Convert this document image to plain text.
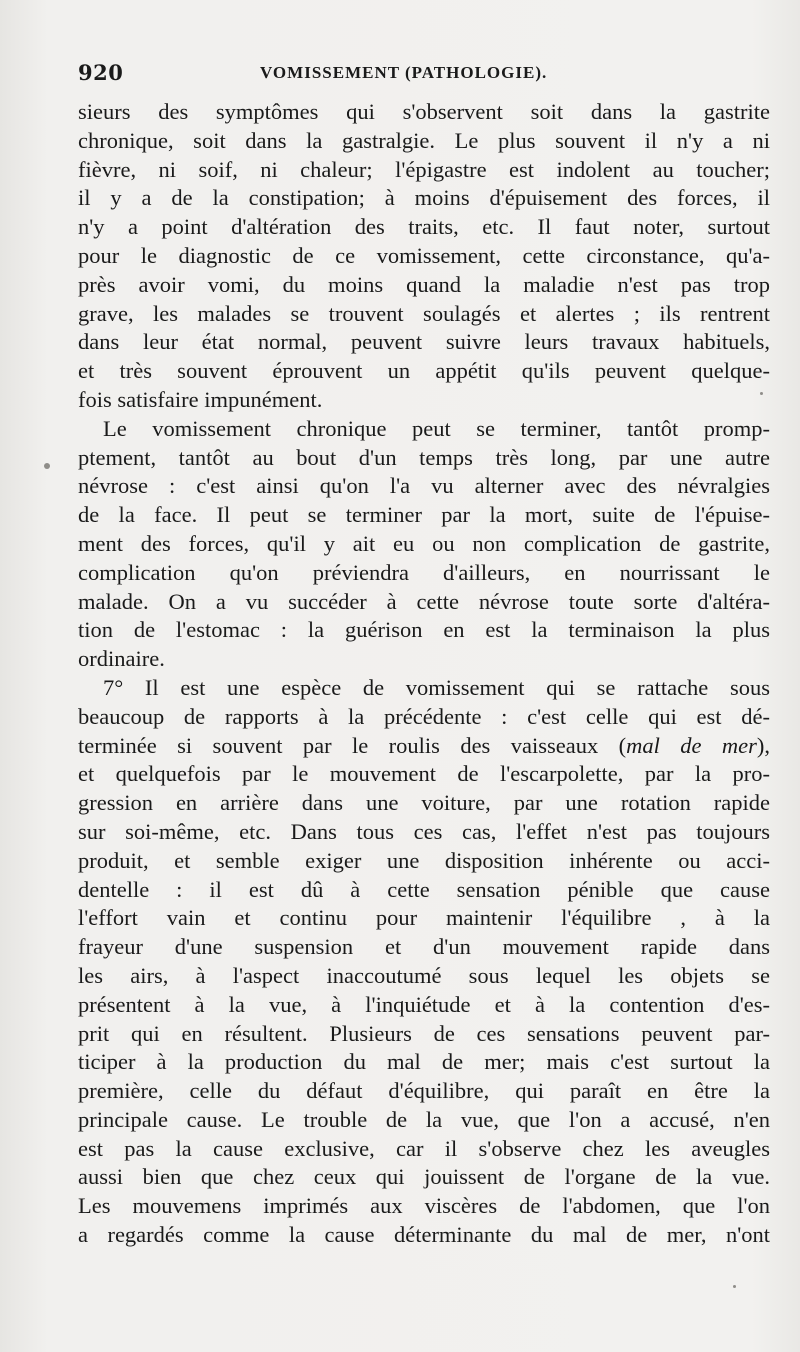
920	VOMISSEMENT (PATHOLOGIE).
sieurs des symptômes qui s'observent soit dans la gastrite
chronique, soit dans la gastralgie. Le plus souvent il n'y a ni
fièvre, ni soif, ni chaleur; l'épigastre est indolent au toucher;
il y a de la constipation; à moins d'épuisement des forces, il
n'y a point d'altération des traits, etc. Il faut noter, surtout
pour le diagnostic de ce vomissement, cette circonstance, qu'a-
près avoir vomi, du moins quand la maladie n'est pas trop
grave, les malades se trouvent soulagés et alertes ; ils rentrent
dans leur état normal, peuvent suivre leurs travaux habituels,
et très souvent éprouvent un appétit qu'ils peuvent quelque-
fois satisfaire impunément.
Le vomissement chronique peut se terminer, tantôt promp-
ptement, tantôt au bout d'un temps très long, par une autre
névrose : c'est ainsi qu'on l'a vu alterner avec des névralgies
de la face. Il peut se terminer par la mort, suite de l'épuise-
ment des forces, qu'il y ait eu ou non complication de gastrite,
complication qu'on préviendra d'ailleurs, en nourrissant le
malade. On a vu succéder à cette névrose toute sorte d'altéra-
tion de l'estomac : la guérison en est la terminaison la plus
ordinaire.
7° Il est une espèce de vomissement qui se rattache sous
beaucoup de rapports à la précédente : c'est celle qui est dé-
terminée si souvent par le roulis des vaisseaux (mal de mer),
et quelquefois par le mouvement de l'escarpolette, par la pro-
gression en arrière dans une voiture, par une rotation rapide
sur soi-même, etc. Dans tous ces cas, l'effet n'est pas toujours
produit, et semble exiger une disposition inhérente ou acci-
dentelle : il est dû à cette sensation pénible que cause
l'effort vain et continu pour maintenir l'équilibre , à la
frayeur d'une suspension et d'un mouvement rapide dans
les airs, à l'aspect inaccoutumé sous lequel les objets se
présentent à la vue, à l'inquiétude et à la contention d'es-
prit qui en résultent. Plusieurs de ces sensations peuvent par-
ticiper à la production du mal de mer; mais c'est surtout la
première, celle du défaut d'équilibre, qui paraît en être la
principale cause. Le trouble de la vue, que l'on a accusé, n'en
est pas la cause exclusive, car il s'observe chez les aveugles
aussi bien que chez ceux qui jouissent de l'organe de la vue.
Les mouvemens imprimés aux viscères de l'abdomen, que l'on
a regardés comme la cause déterminante du mal de mer, n'ont
